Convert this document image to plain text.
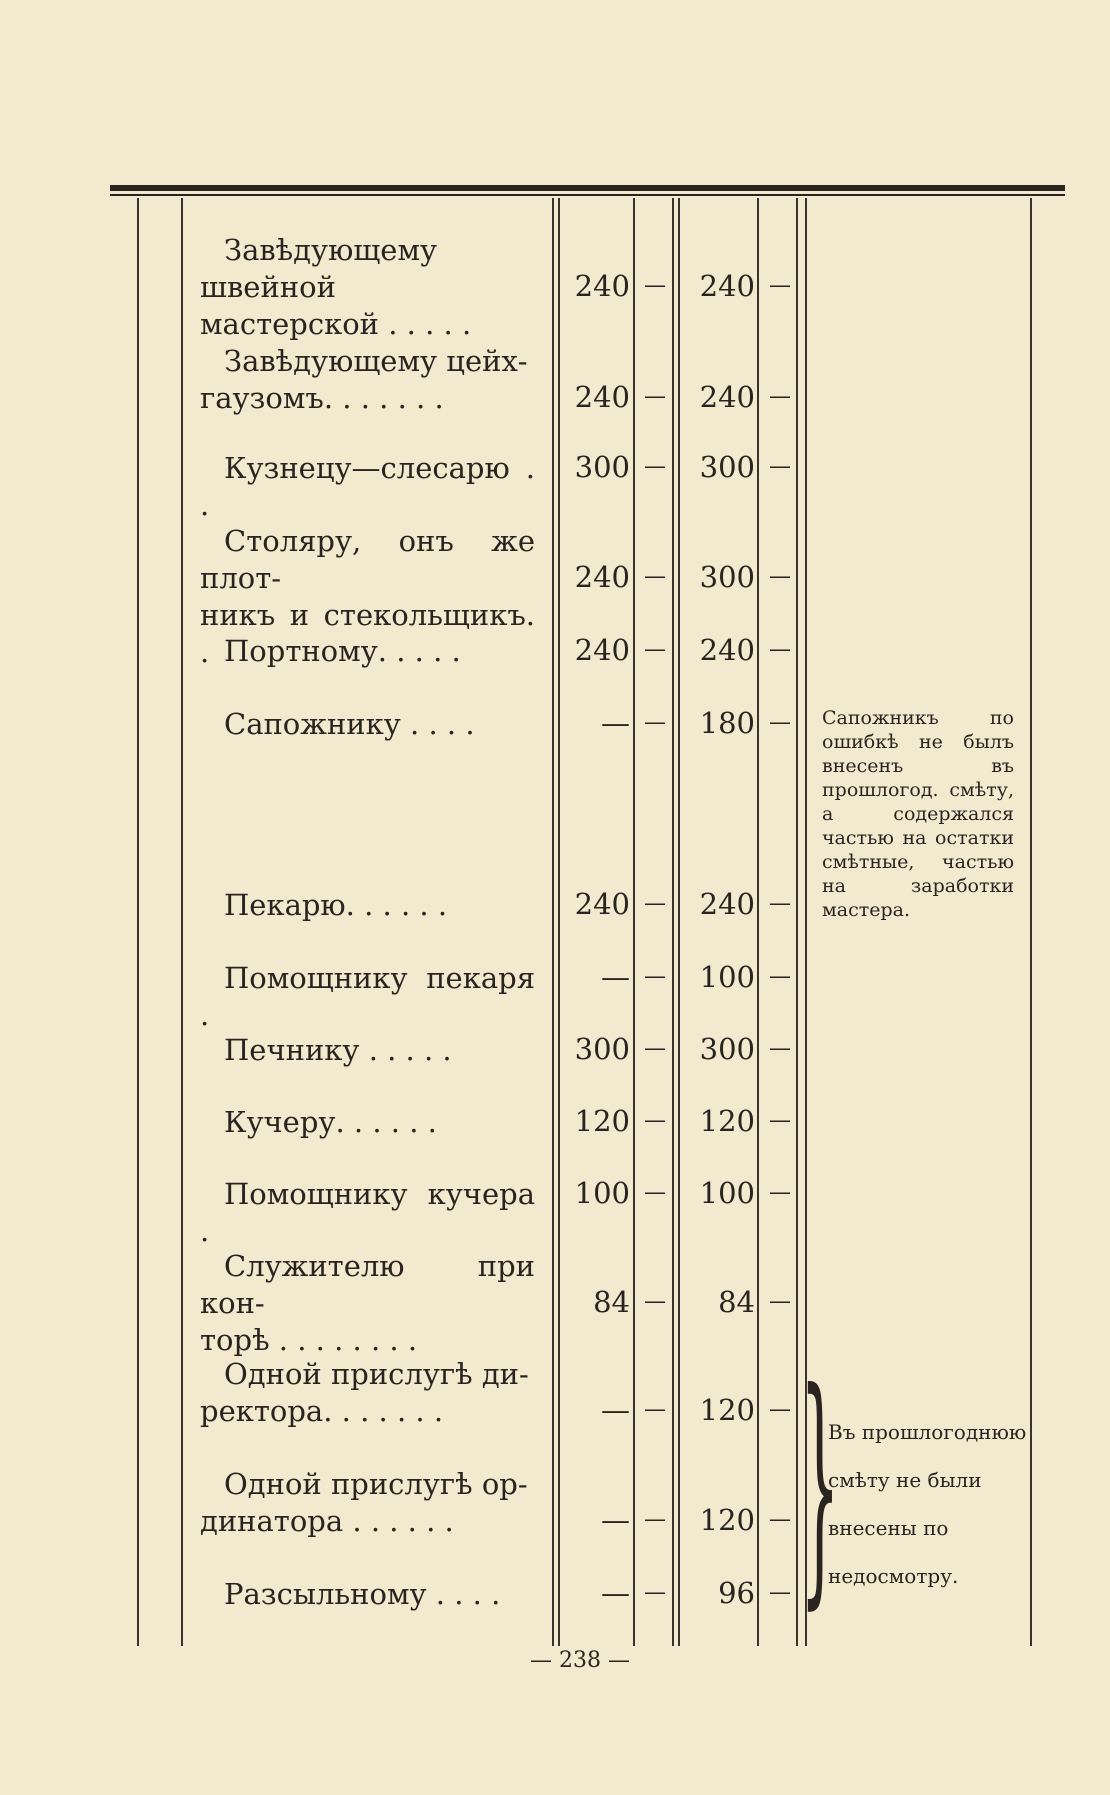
Завѣдующему швейной
мастерской . . . . .
240 —	240 —
Завѣдующему цейх-
гаузомъ. . . . . . .	240 —	240 —
Кузнецу—слесарю . .
300 —	300 —
Столяру, онъ же плот-
никъ и стекольщикъ. .
240 —	300 —
Портному. . . . .	240 —	240 —
Сапожнику . . . .	— —	180 —
Пекарю. . . . . .	240 —	240 —
Помощнику пекаря .
— —	100 —
Печнику . . . . .	300 —	300 —
Кучеру. . . . . .	120 —	120 —
Помощнику кучера .
100 —	100 —
Служителю при кон-
торѣ . . . . . . . .
84 —	84 —
Одной прислугѣ ди-
ректора. . . . . . .	— —	120 —
Одной прислугѣ ор-
динатора . . . . . .	— —	120 —
Разсыльному . . . .	— —	96 —
Сапожникъ по ошибкѣ не былъ внесенъ въ прошлогод. смѣту, а содержался частью на остатки смѣтные, частью на заработки мастера.
}
Въ прошлогоднюю смѣту не были внесены по недосмотру.
— 238 —
